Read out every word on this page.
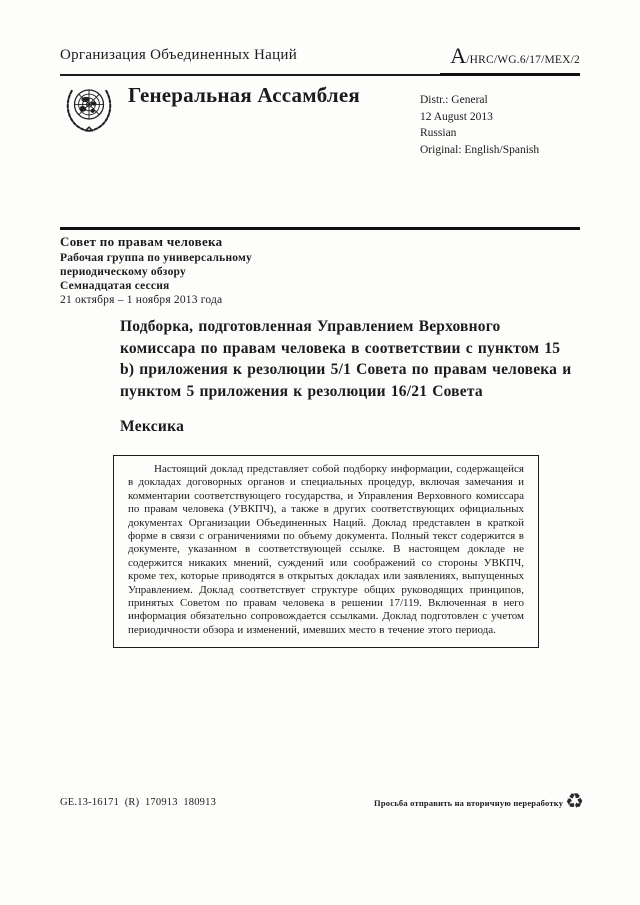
Организация Объединенных Наций	A/HRC/WG.6/17/MEX/2
Генеральная Ассамблея	Distr.: General
12 August 2013
Russian
Original: English/Spanish
Совет по правам человека
Рабочая группа по универсальному периодическому обзору
Семнадцатая сессия
21 октября – 1 ноября 2013 года
Подборка, подготовленная Управлением Верховного комиссара по правам человека в соответствии с пунктом 15 b) приложения к резолюции 5/1 Совета по правам человека и пунктом 5 приложения к резолюции 16/21 Совета
Мексика
Настоящий доклад представляет собой подборку информации, содержащейся в докладах договорных органов и специальных процедур, включая замечания и комментарии соответствующего государства, и Управления Верховного комиссара по правам человека (УВКПЧ), а также в других соответствующих официальных документах Организации Объединенных Наций. Доклад представлен в краткой форме в связи с ограничениями по объему документа. Полный текст содержится в документе, указанном в соответствующей ссылке. В настоящем докладе не содержится никаких мнений, суждений или соображений со стороны УВКПЧ, кроме тех, которые приводятся в открытых докладах или заявлениях, выпущенных Управлением. Доклад соответствует структуре общих руководящих принципов, принятых Советом по правам человека в решении 17/119. Включенная в него информация обязательно сопровождается ссылками. Доклад подготовлен с учетом периодичности обзора и изменений, имевших место в течение этого периода.
GE.13-16171  (R)  170913  180913	Просьба отправить на вторичную переработку ♻
